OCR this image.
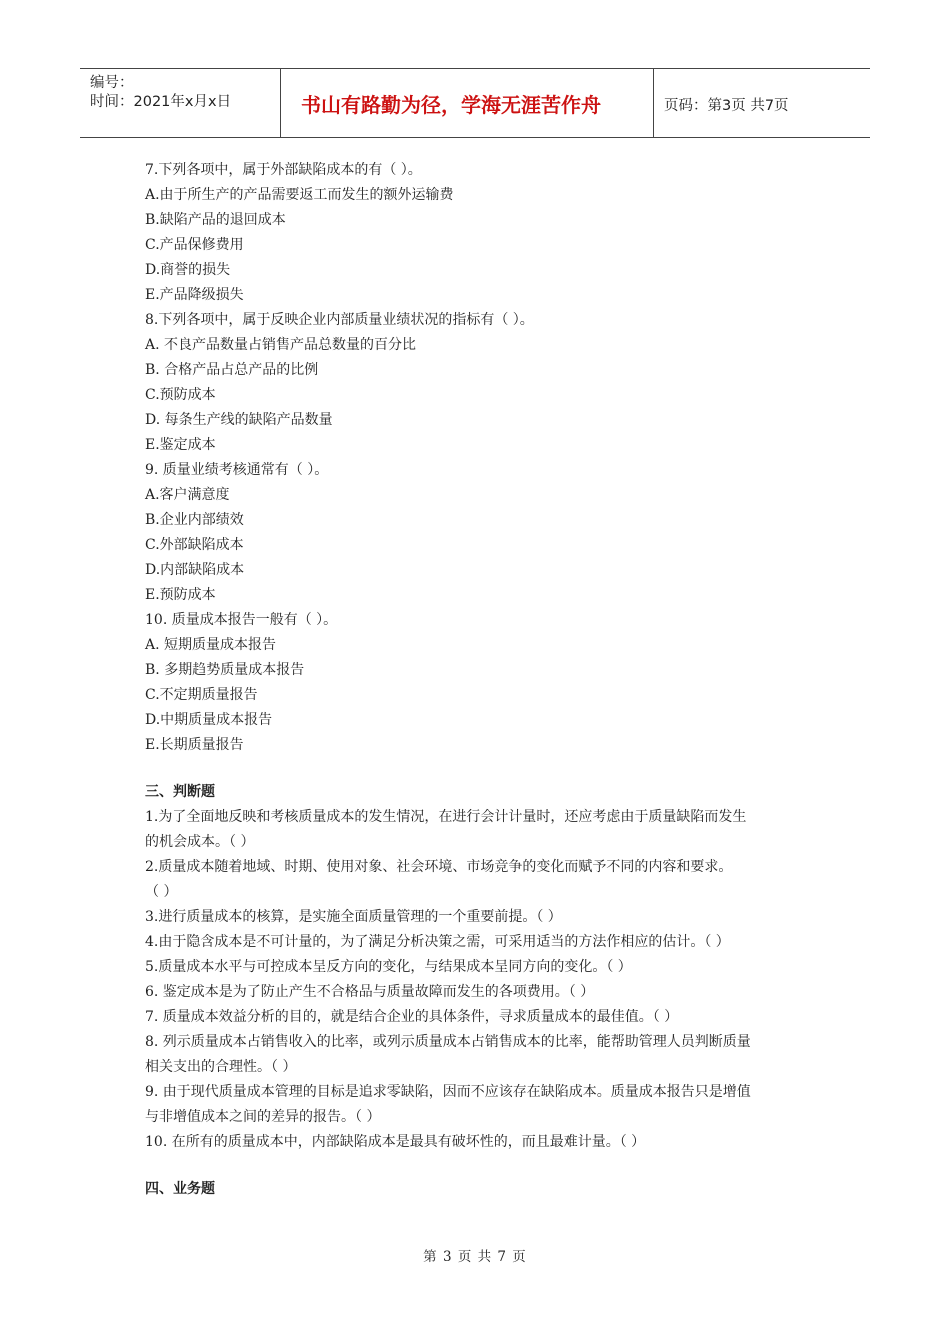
编号：
时间：2021年x月x日	书山有路勤为径，学海无涯苦作舟	页码：第3页 共7页
7.下列各项中，属于外部缺陷成本的有（ ）。
A.由于所生产的产品需要返工而发生的额外运输费
B.缺陷产品的退回成本
C.产品保修费用
D.商誉的损失
E.产品降级损失
8.下列各项中，属于反映企业内部质量业绩状况的指标有（ ）。
A. 不良产品数量占销售产品总数量的百分比
B. 合格产品占总产品的比例
C.预防成本
D. 每条生产线的缺陷产品数量
E.鉴定成本
9. 质量业绩考核通常有（ ）。
A.客户满意度
B.企业内部绩效
C.外部缺陷成本
D.内部缺陷成本
E.预防成本
10. 质量成本报告一般有（ ）。
A. 短期质量成本报告
B. 多期趋势质量成本报告
C.不定期质量报告
D.中期质量成本报告
E.长期质量报告
三、判断题
1.为了全面地反映和考核质量成本的发生情况，在进行会计计量时，还应考虑由于质量缺陷而发生
的机会成本。（ ）
2.质量成本随着地域、时期、使用对象、社会环境、市场竞争的变化而赋予不同的内容和要求。
（ ）
3.进行质量成本的核算，是实施全面质量管理的一个重要前提。（ ）
4.由于隐含成本是不可计量的，为了满足分析决策之需，可采用适当的方法作相应的估计。（ ）
5.质量成本水平与可控成本呈反方向的变化，与结果成本呈同方向的变化。（ ）
6. 鉴定成本是为了防止产生不合格品与质量故障而发生的各项费用。（ ）
7. 质量成本效益分析的目的，就是结合企业的具体条件，寻求质量成本的最佳值。（ ）
8. 列示质量成本占销售收入的比率，或列示质量成本占销售成本的比率，能帮助管理人员判断质量
相关支出的合理性。（ ）
9. 由于现代质量成本管理的目标是追求零缺陷，因而不应该存在缺陷成本。质量成本报告只是增值
与非增值成本之间的差异的报告。（ ）
10. 在所有的质量成本中，内部缺陷成本是最具有破坏性的，而且最难计量。（ ）
四、业务题
第 3 页 共 7 页
